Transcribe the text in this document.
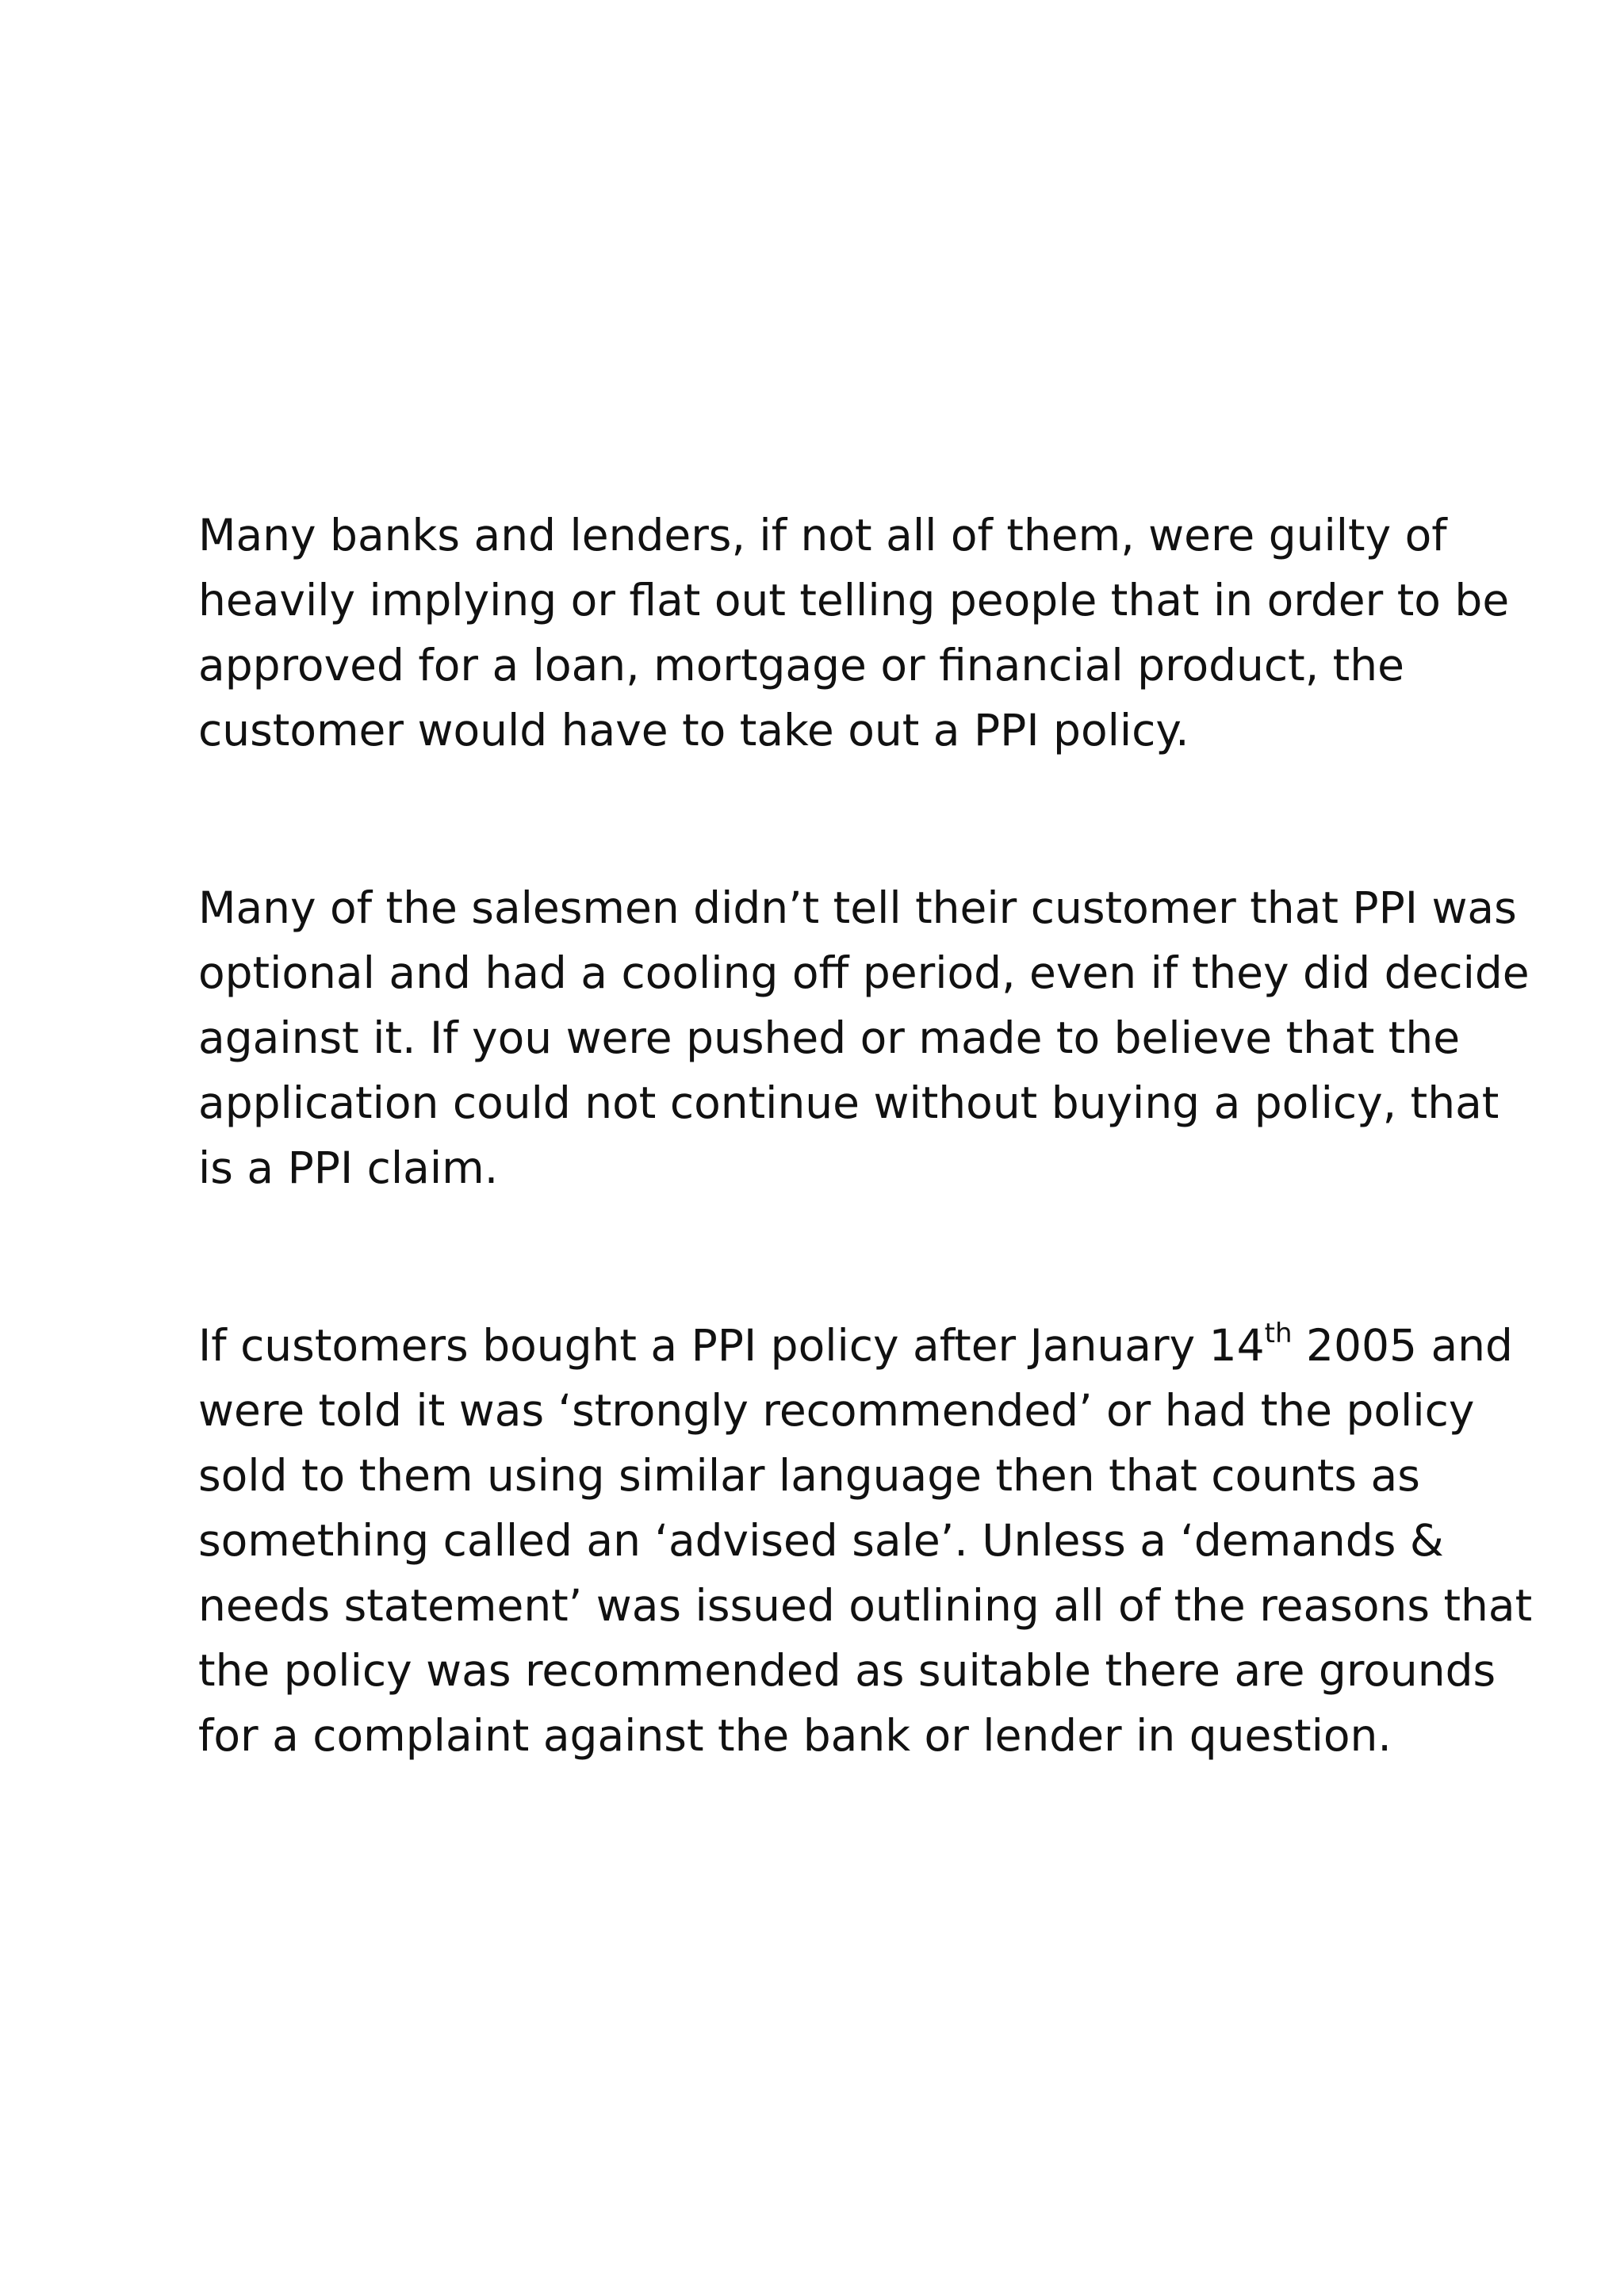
Many banks and lenders, if not all of them, were guilty of
heavily implying or flat out telling people that in order to be
approved for a loan, mortgage or financial product, the
customer would have to take out a PPI policy.
Many of the salesmen didn’t tell their customer that PPI was
optional and had a cooling off period, even if they did decide
against it. If you were pushed or made to believe that the
application could not continue without buying a policy, that
is a PPI claim.
If customers bought a PPI policy after January 14th 2005 and
were told it was ‘strongly recommended’ or had the policy
sold to them using similar language then that counts as
something called an ‘advised sale’. Unless a ‘demands &
needs statement’ was issued outlining all of the reasons that
the policy was recommended as suitable there are grounds
for a complaint against the bank or lender in question.
